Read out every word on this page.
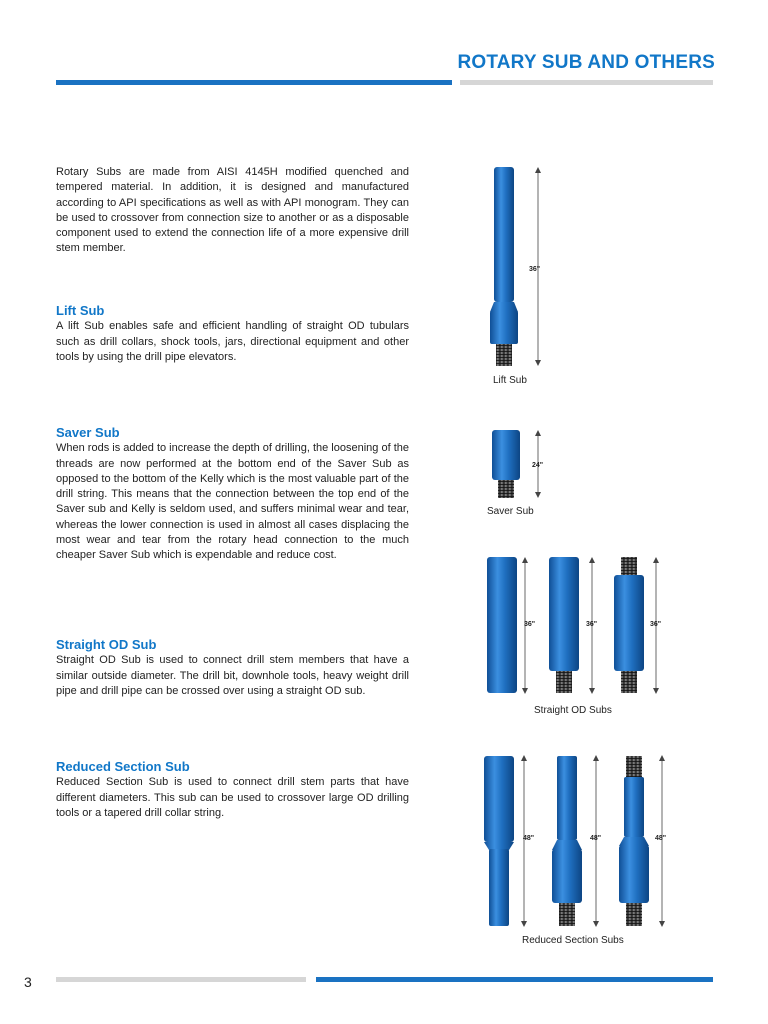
ROTARY SUB AND OTHERS

Rotary Subs are made from AISI 4145H modified quenched and tempered material. In addition, it is designed and manufactured according to API specifications as well as with API monogram. They can be used to crossover from connection size to another or as a disposable component used to extend the connection life of a more expensive drill stem member.

Lift Sub

A lift Sub enables safe and efficient handling of straight OD tubulars such as drill collars, shock tools, jars, directional equipment and other tools by using the drill pipe elevators.

Saver Sub

When rods is added to increase the depth of drilling, the loosening of the threads are now performed at the bottom end of the Saver Sub as opposed to the bottom of the Kelly which is the most valuable part of the drill string. This means that the connection between the top end of the Saver sub and Kelly is seldom used, and suffers minimal wear and tear, whereas the lower connection is used in almost all cases displacing the most wear and tear from the rotary head connection to the much cheaper Saver Sub which is expendable and reduce cost.

Straight OD Sub

Straight OD Sub is used to connect drill stem members that have a similar outside diameter. The drill bit, downhole tools, heavy weight drill pipe and drill pipe can be crossed over using a straight OD sub.

Reduced Section Sub

Reduced Section Sub is used to connect drill stem parts that have different diameters. This sub can be used to crossover large OD drilling tools or a tapered drill collar string.

36"
Lift Sub
24"
Saver Sub
36"	36"	36"
Straight OD Subs
48"	48"	48"
Reduced Section Subs
3
